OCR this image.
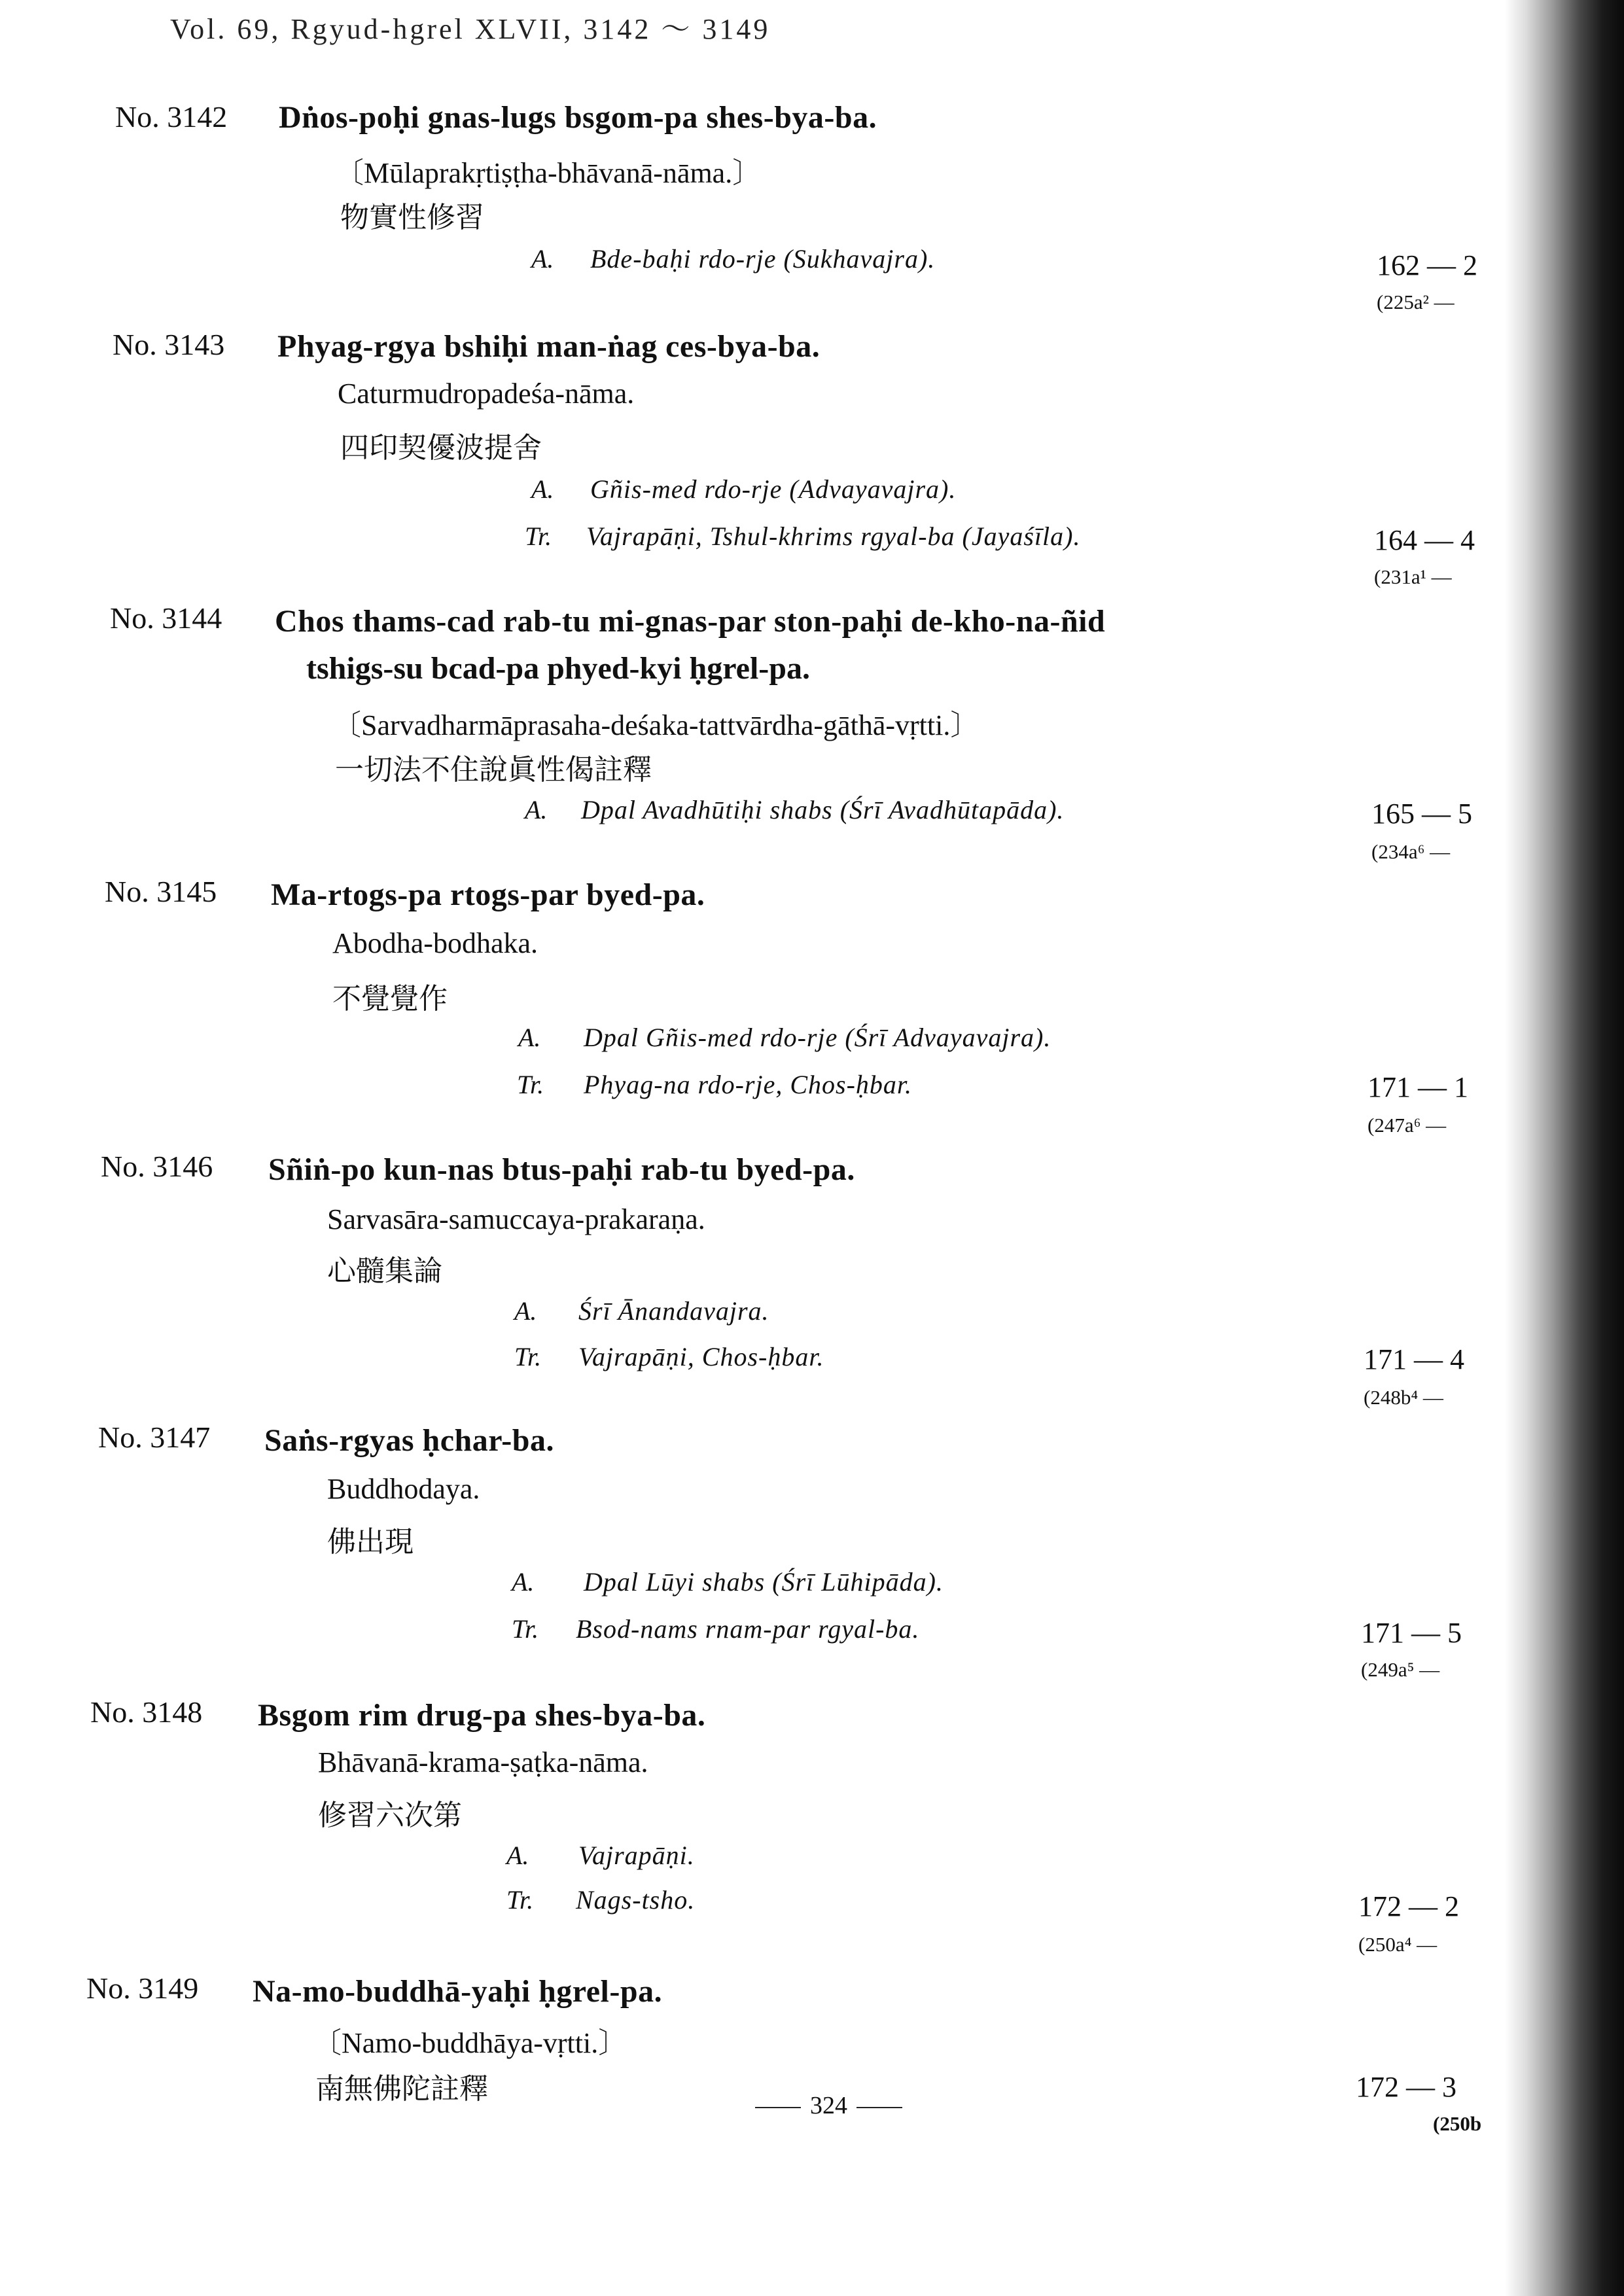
Vol. 69, Rgyud-hgrel XLVII, 3142 ～ 3149
No. 3142 Dṅos-poḥi gnas-lugs bsgom-pa shes-bya-ba.
〔Mūlaprakṛtiṣṭha-bhāvanā-nāma.〕
物實性修習
A. Bde-baḥi rdo-rje (Sukhavajra).	162 — 2
(225a² —
No. 3143 Phyag-rgya bshiḥi man-ṅag ces-bya-ba.
Caturmudropadeśa-nāma.
四印契優波提舍
A. Gñis-med rdo-rje (Advayavajra).
Tr. Vajrapāṇi, Tshul-khrims rgyal-ba (Jayaśīla).	164 — 4
(231a¹ —
No. 3144 Chos thams-cad rab-tu mi-gnas-par ston-paḥi de-kho-na-ñid
tshigs-su bcad-pa phyed-kyi ḥgrel-pa.
〔Sarvadharmāprasaha-deśaka-tattvārdha-gāthā-vṛtti.〕
一切法不住說眞性偈註釋
A. Dpal Avadhūtiḥi shabs (Śrī Avadhūtapāda).	165 — 5
(234a⁶ —
No. 3145 Ma-rtogs-pa rtogs-par byed-pa.
Abodha-bodhaka.
不覺覺作
A. Dpal Gñis-med rdo-rje (Śrī Advayavajra).
Tr. Phyag-na rdo-rje, Chos-ḥbar.	171 — 1
(247a⁶ —
No. 3146 Sñiṅ-po kun-nas btus-paḥi rab-tu byed-pa.
Sarvasāra-samuccaya-prakaraṇa.
心髓集論
A. Śrī Ānandavajra.
Tr. Vajrapāṇi, Chos-ḥbar.	171 — 4
(248b⁴ —
No. 3147 Saṅs-rgyas ḥchar-ba.
Buddhodaya.
佛出現
A. Dpal Lūyi shabs (Śrī Lūhipāda).
Tr. Bsod-nams rnam-par rgyal-ba.	171 — 5
(249a⁵ —
No. 3148 Bsgom rim drug-pa shes-bya-ba.
Bhāvanā-krama-ṣaṭka-nāma.
修習六次第
A. Vajrapāṇi.
Tr. Nags-tsho.	172 — 2
(250a⁴ —
No. 3149 Na-mo-buddhā-yaḥi ḥgrel-pa.
〔Namo-buddhāya-vṛtti.〕
南無佛陀註釋	172 — 3
(250b
324
